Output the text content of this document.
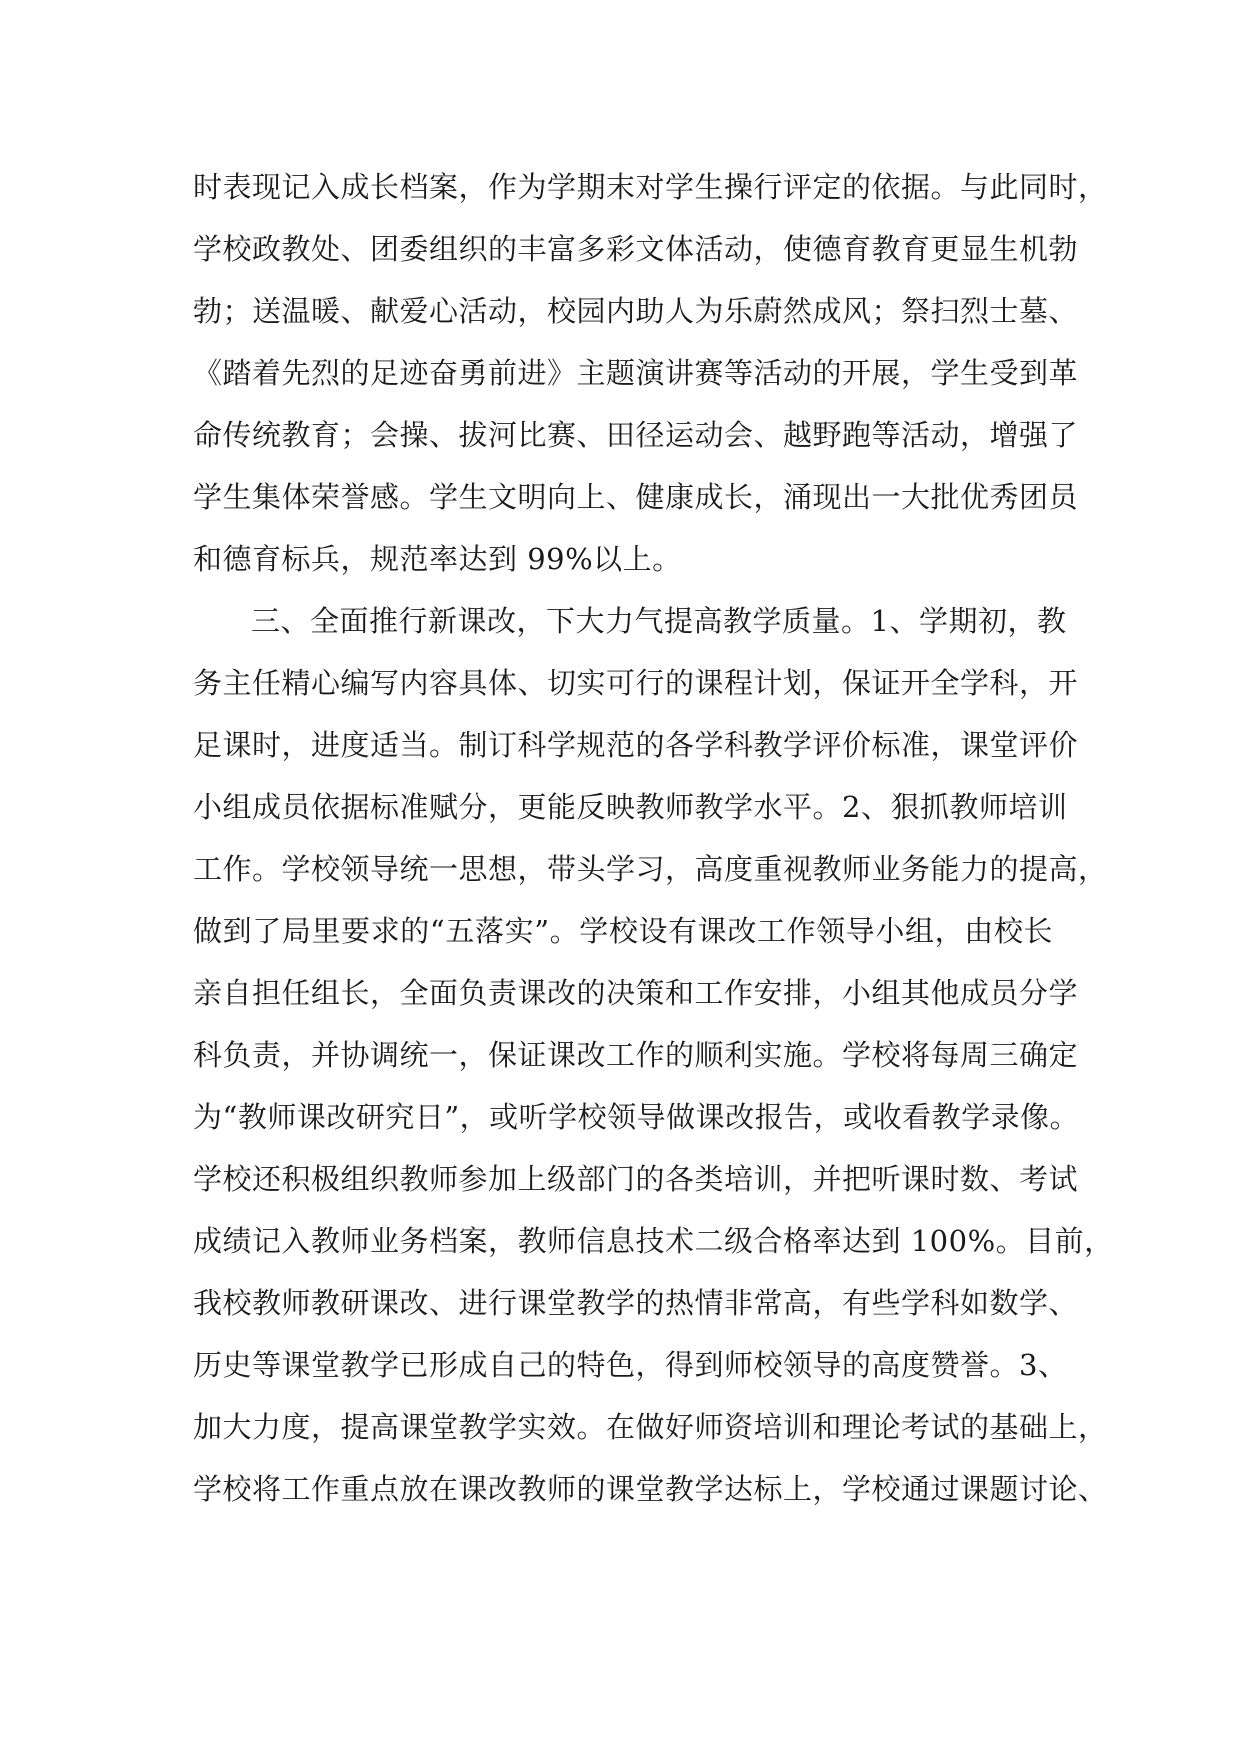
时表现记入成长档案，作为学期末对学生操行评定的依据。与此同时，
学校政教处、团委组织的丰富多彩文体活动，使德育教育更显生机勃
勃；送温暖、献爱心活动，校园内助人为乐蔚然成风；祭扫烈士墓、
《踏着先烈的足迹奋勇前进》主题演讲赛等活动的开展，学生受到革
命传统教育；会操、拔河比赛、田径运动会、越野跑等活动，增强了
学生集体荣誉感。学生文明向上、健康成长，涌现出一大批优秀团员
和德育标兵，规范率达到 99%以上。
三、全面推行新课改，下大力气提高教学质量。1、学期初，教
务主任精心编写内容具体、切实可行的课程计划，保证开全学科，开
足课时，进度适当。制订科学规范的各学科教学评价标准，课堂评价
小组成员依据标准赋分，更能反映教师教学水平。2、狠抓教师培训
工作。学校领导统一思想，带头学习，高度重视教师业务能力的提高，
做到了局里要求的“五落实”。学校设有课改工作领导小组，由校长
亲自担任组长，全面负责课改的决策和工作安排，小组其他成员分学
科负责，并协调统一，保证课改工作的顺利实施。学校将每周三确定
为“教师课改研究日”，或听学校领导做课改报告，或收看教学录像。
学校还积极组织教师参加上级部门的各类培训，并把听课时数、考试
成绩记入教师业务档案，教师信息技术二级合格率达到 100%。目前，
我校教师教研课改、进行课堂教学的热情非常高，有些学科如数学、
历史等课堂教学已形成自己的特色，得到师校领导的高度赞誉。3、
加大力度，提高课堂教学实效。在做好师资培训和理论考试的基础上，
学校将工作重点放在课改教师的课堂教学达标上，学校通过课题讨论、
